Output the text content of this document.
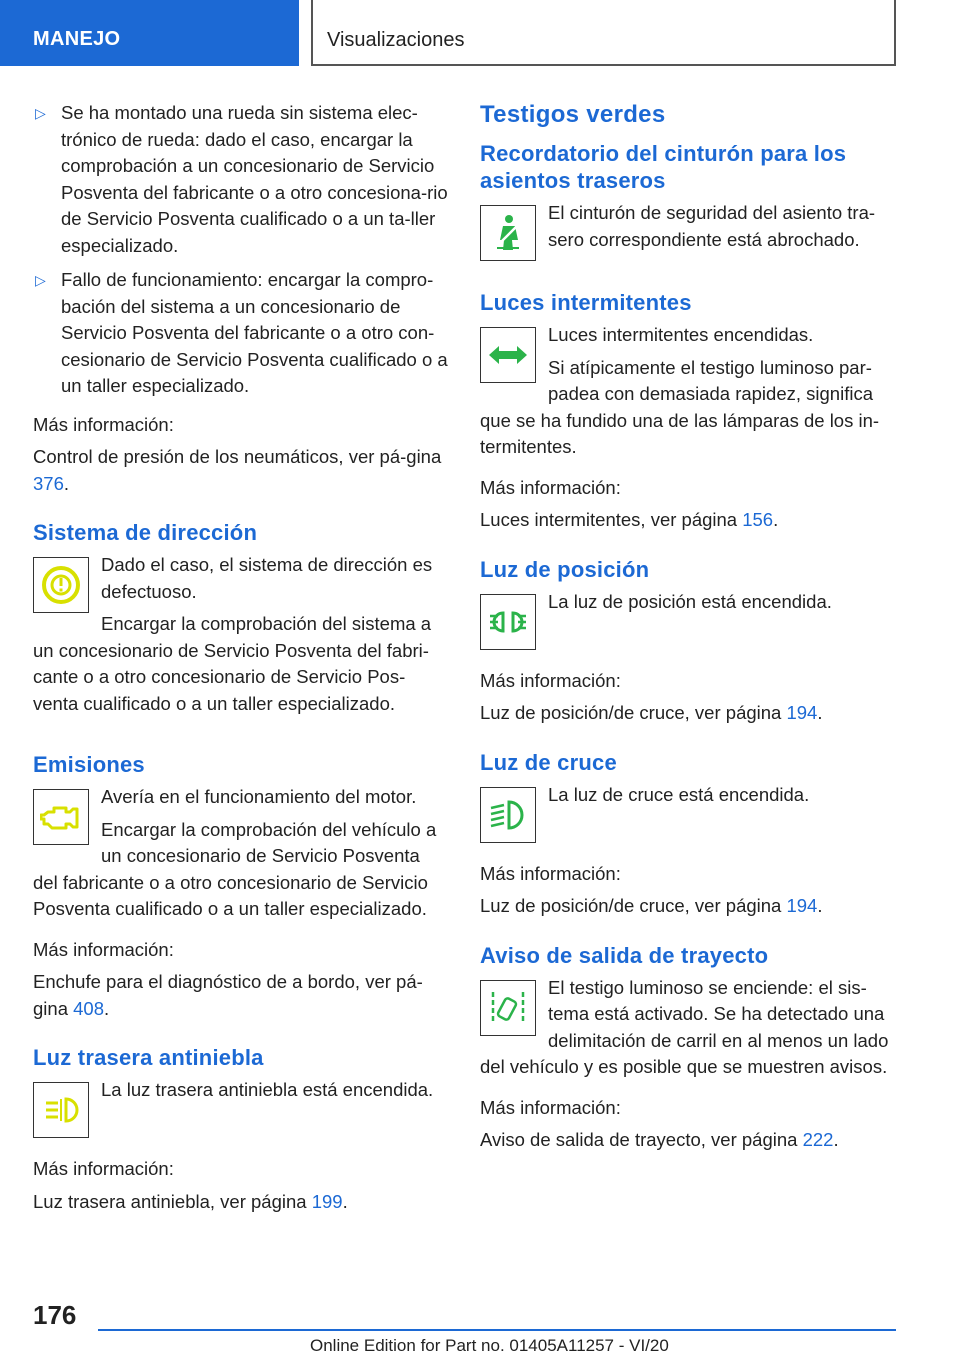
MANEJO	Visualizaciones
▷ Se ha montado una rueda sin sistema elec-trónico de rueda: dado el caso, encargar la comprobación a un concesionario de Servicio Posventa del fabricante o a otro concesiona-rio de Servicio Posventa cualificado o a un ta-ller especializado.

▷ Fallo de funcionamiento: encargar la compro-bación del sistema a un concesionario de Servicio Posventa del fabricante o a otro con-cesionario de Servicio Posventa cualificado o a un taller especializado.

Más información:

Control de presión de los neumáticos, ver pá-gina 376.

Sistema de dirección

Dado el caso, el sistema de dirección es defectuoso.

Encargar la comprobación del sistema a un concesionario de Servicio Posventa del fabri-cante o a otro concesionario de Servicio Pos-venta cualificado o a un taller especializado.

Emisiones

Avería en el funcionamiento del motor.

Encargar la comprobación del vehículo a un concesionario de Servicio Posventa del fabricante o a otro concesionario de Servicio Posventa cualificado o a un taller especializado.

Más información:

Enchufe para el diagnóstico de a bordo, ver pá-gina 408.

Luz trasera antiniebla

La luz trasera antiniebla está encendida.

Más información:

Luz trasera antiniebla, ver página 199.

Testigos verdes
Recordatorio del cinturón para los asientos traseros

El cinturón de seguridad del asiento tra-sero correspondiente está abrochado.

Luces intermitentes

Luces intermitentes encendidas.

Si atípicamente el testigo luminoso par-padea con demasiada rapidez, significa que se ha fundido una de las lámparas de los in-termitentes.

Más información:

Luces intermitentes, ver página 156.

Luz de posición

La luz de posición está encendida.

Más información:

Luz de posición/de cruce, ver página 194.

Luz de cruce

La luz de cruce está encendida.

Más información:

Luz de posición/de cruce, ver página 194.

Aviso de salida de trayecto

El testigo luminoso se enciende: el sis-tema está activado. Se ha detectado una delimitación de carril en al menos un lado del vehículo y es posible que se muestren avisos.

Más información:

Aviso de salida de trayecto, ver página 222.

176
Online Edition for Part no. 01405A11257 - VI/20
